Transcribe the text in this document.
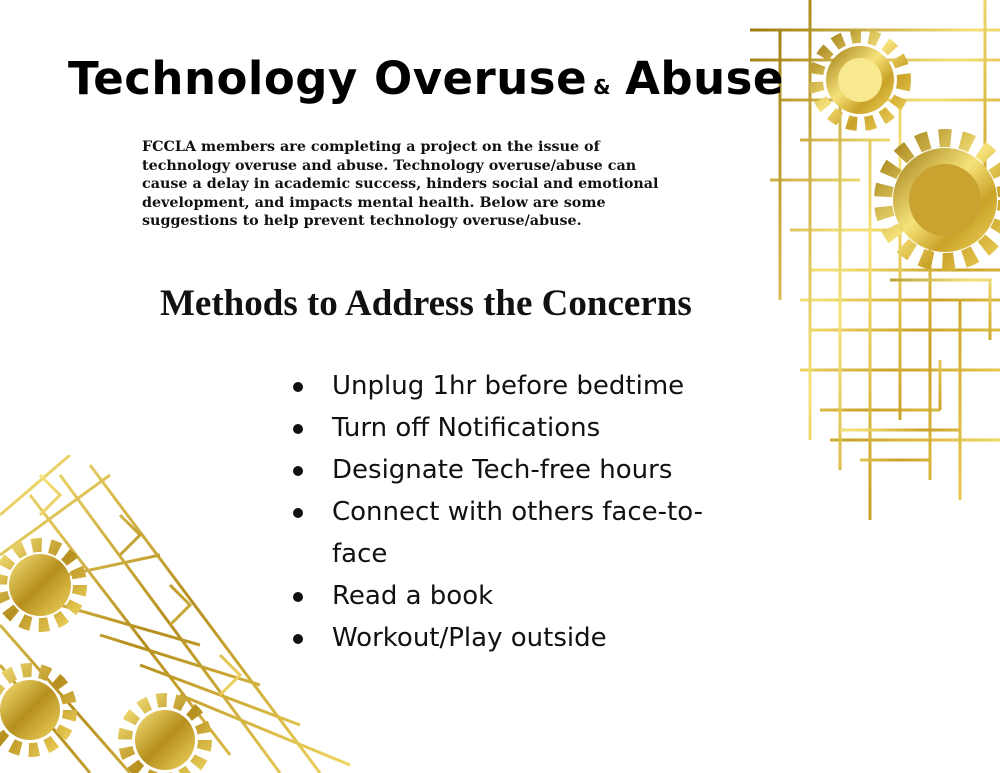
Technology Overuse & Abuse

FCCLA members are completing a project on the issue of technology overuse and abuse. Technology overuse/abuse can cause a delay in academic success, hinders social and emotional development, and impacts mental health. Below are some suggestions to help prevent technology overuse/abuse.

Methods to Address the Concerns
Unplug 1hr before bedtime
Turn off Notifications
Designate Tech-free hours
Connect with others face-to-face
Read a book
Workout/Play outside
